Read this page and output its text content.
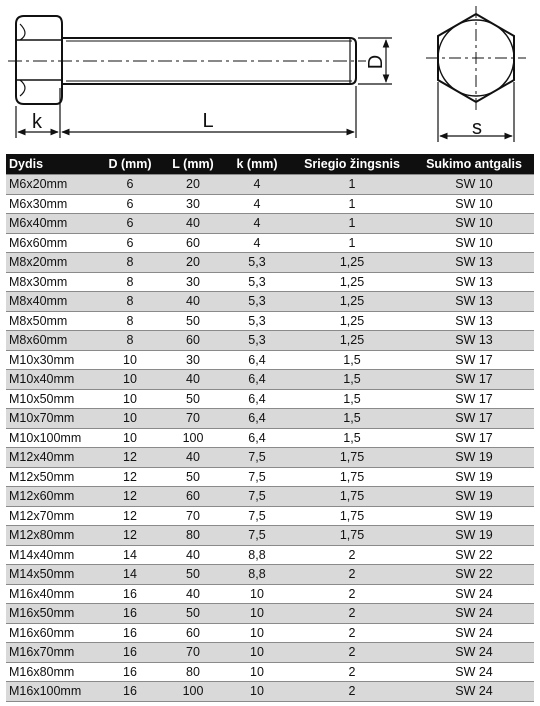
D
k	L	s
Dydis	D (mm)	L (mm)	k (mm)	Sriegio žingsnis	Sukimo antgalis
M6x20mm	6	20	4	1	SW 10
M6x30mm	6	30	4	1	SW 10
M6x40mm	6	40	4	1	SW 10
M6x60mm	6	60	4	1	SW 10
M8x20mm	8	20	5,3	1,25	SW 13
M8x30mm	8	30	5,3	1,25	SW 13
M8x40mm	8	40	5,3	1,25	SW 13
M8x50mm	8	50	5,3	1,25	SW 13
M8x60mm	8	60	5,3	1,25	SW 13
M10x30mm	10	30	6,4	1,5	SW 17
M10x40mm	10	40	6,4	1,5	SW 17
M10x50mm	10	50	6,4	1,5	SW 17
M10x70mm	10	70	6,4	1,5	SW 17
M10x100mm	10	100	6,4	1,5	SW 17
M12x40mm	12	40	7,5	1,75	SW 19
M12x50mm	12	50	7,5	1,75	SW 19
M12x60mm	12	60	7,5	1,75	SW 19
M12x70mm	12	70	7,5	1,75	SW 19
M12x80mm	12	80	7,5	1,75	SW 19
M14x40mm	14	40	8,8	2	SW 22
M14x50mm	14	50	8,8	2	SW 22
M16x40mm	16	40	10	2	SW 24
M16x50mm	16	50	10	2	SW 24
M16x60mm	16	60	10	2	SW 24
M16x70mm	16	70	10	2	SW 24
M16x80mm	16	80	10	2	SW 24
M16x100mm	16	100	10	2	SW 24
